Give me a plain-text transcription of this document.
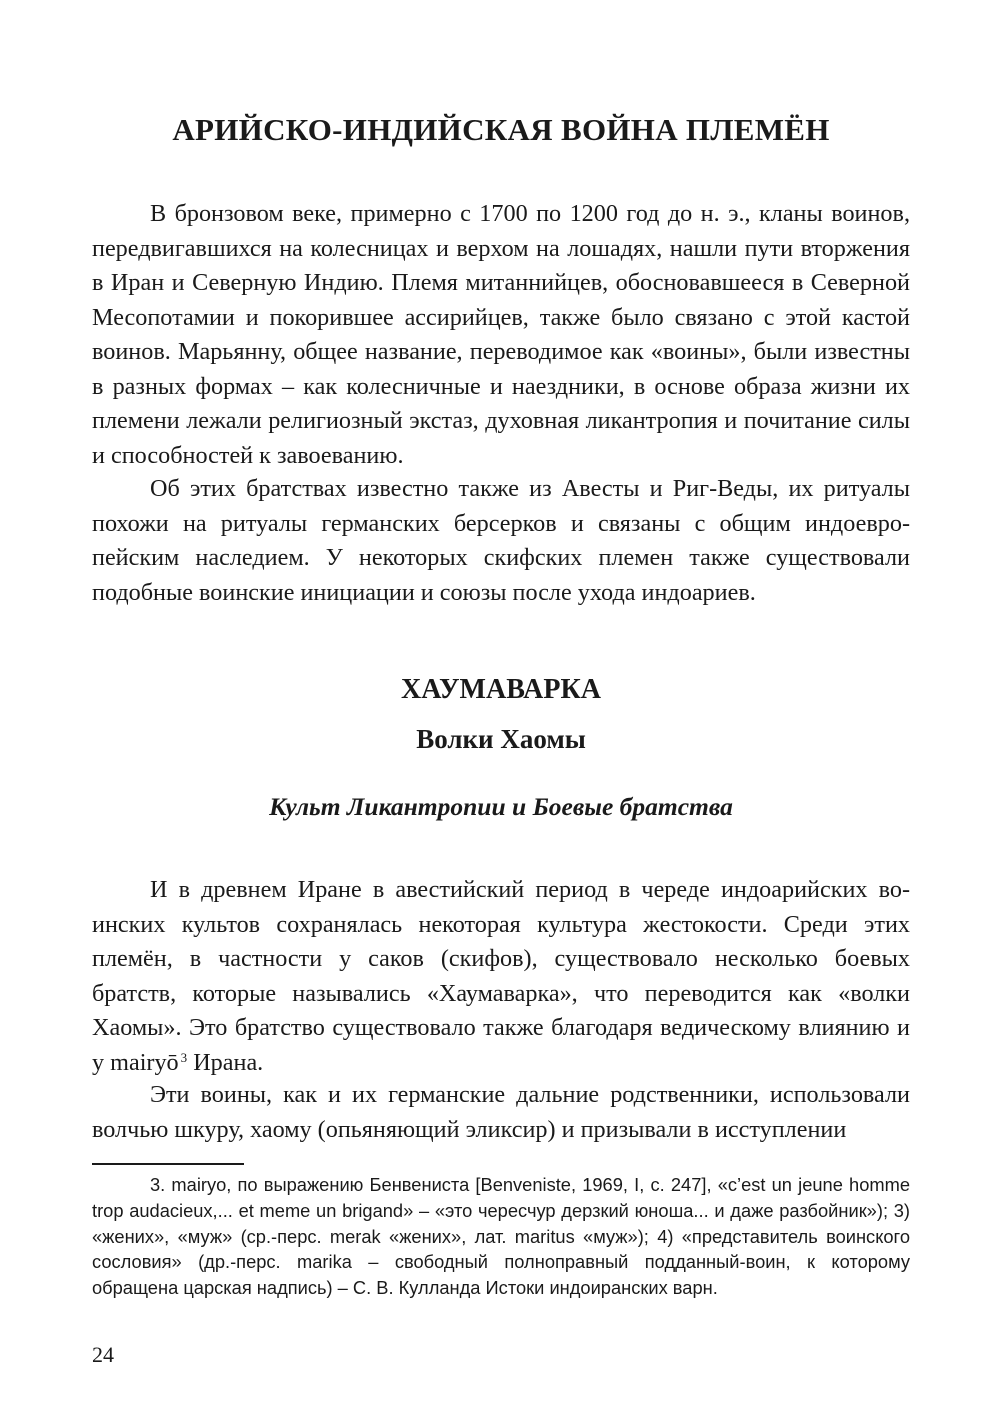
АРИЙСКО-ИНДИЙСКАЯ ВОЙНА ПЛЕМЁН

В бронзовом веке, примерно с 1700 по 1200 год до н. э., кланы воинов, передвигавшихся на колесницах и верхом на лошадях, нашли пути вторжения в Иран и Северную Индию. Племя митаннийцев, обосновавшееся в Северной Месопотамии и покорившее ассирийцев, также было связано с этой кастой воинов. Марьянну, общее название, переводимое как «воины», были известны в разных формах – как колесничные и наездники, в основе образа жизни их племени лежали религиозный экстаз, духовная ликантропия и почитание силы и способностей к завоеванию.

Об этих братствах известно также из Авесты и Риг-Веды, их ритуалы похожи на ритуалы германских берсерков и связаны с общим индоевропейским наследием. У некоторых скифских племен также существовали подобные воинские инициации и союзы после ухода индоариев.

ХАУМАВАРКА
Волки Хаомы
Культ Ликантропии и Боевые братства

И в древнем Иране в авестийский период в череде индоарийских воинских культов сохранялась некоторая культура жестокости. Среди этих племён, в частности у саков (скифов), существовало несколько боевых братств, которые назывались «Хаумаварка», что переводится как «волки Хаомы». Это братство существовало также благодаря ведическому влиянию и у mairyō $^3$ Ирана.

Эти воины, как и их германские дальние родственники, использовали волчью шкуру, хаому (опьяняющий эликсир) и призывали в исступлении

3. mairyo, по выражению Бенвениста [Benveniste, 1969, I, с. 247], «c’est un jeune homme trop audacieux,... et meme un brigand» – «это чересчур дерзкий юноша... и даже разбойник»); 3) «жених», «муж» (ср.-перс. merak «жених», лат. maritus «муж»); 4) «представитель воинского сословия» (др.-перс. marika – свободный полноправный подданный-воин, к которому обращена царская надпись) – С. В. Кулланда Истоки индоиранских варн.

24
